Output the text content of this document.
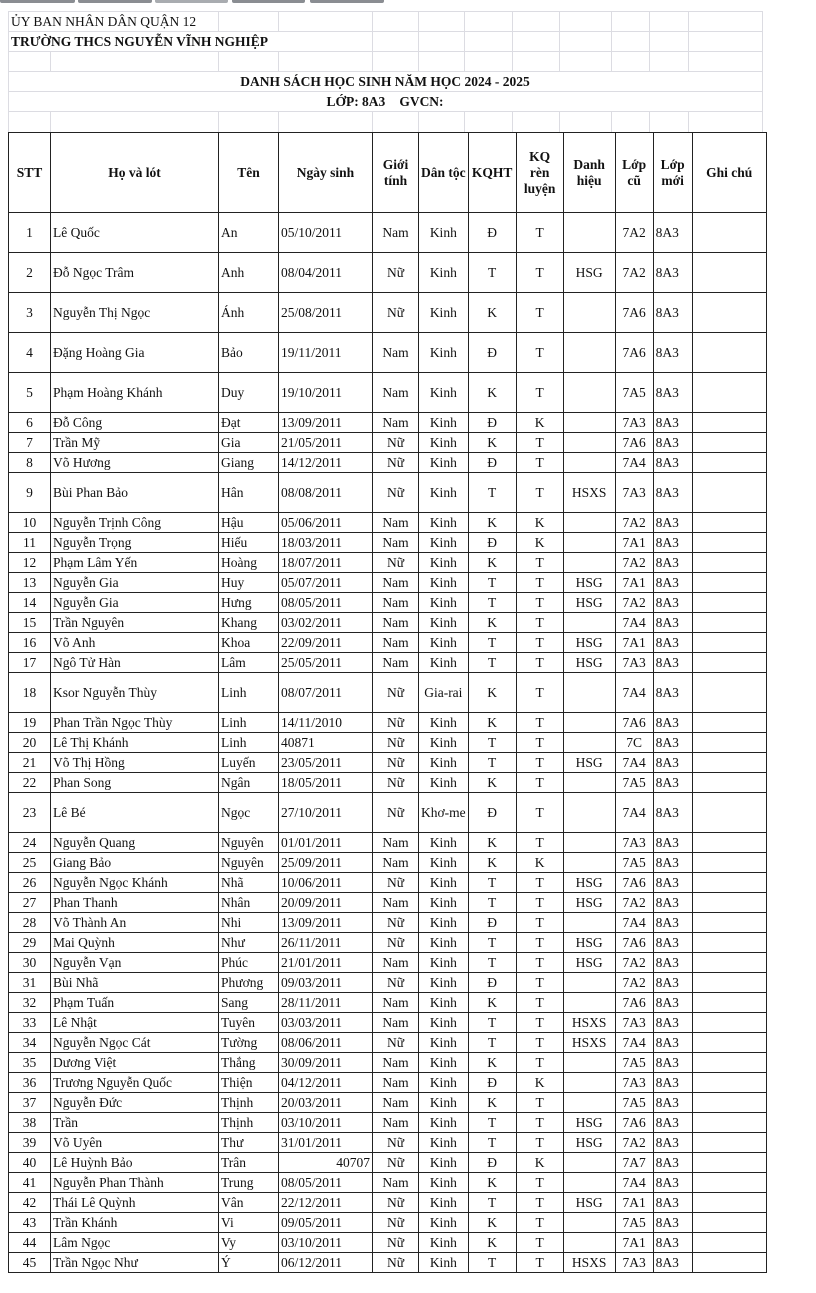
ỦY BAN NHÂN DÂN QUẬN 12
TRƯỜNG THCS NGUYỄN VĨNH NGHIỆP
DANH SÁCH HỌC SINH NĂM HỌC 2024 - 2025
LỚP: 8A3 GVCN:
STT	Họ và lót	Tên	Ngày sinh	Giới tính	Dân tộc	KQHT	KQ rèn luyện	Danh hiệu	Lớp cũ	Lớp mới	Ghi chú
1	Lê Quốc	An	05/10/2011	Nam	Kinh	Đ	T		7A2	8A3	
2	Đỗ Ngọc Trâm	Anh	08/04/2011	Nữ	Kinh	T	T	HSG	7A2	8A3	
3	Nguyễn Thị Ngọc	Ánh	25/08/2011	Nữ	Kinh	K	T		7A6	8A3	
4	Đặng Hoàng Gia	Bảo	19/11/2011	Nam	Kinh	Đ	T		7A6	8A3	
5	Phạm Hoàng Khánh	Duy	19/10/2011	Nam	Kinh	K	T		7A5	8A3	
6	Đỗ Công	Đạt	13/09/2011	Nam	Kinh	Đ	K		7A3	8A3	
7	Trần Mỹ	Gia	21/05/2011	Nữ	Kinh	K	T		7A6	8A3	
8	Võ Hương	Giang	14/12/2011	Nữ	Kinh	Đ	T		7A4	8A3	
9	Bùi Phan Bảo	Hân	08/08/2011	Nữ	Kinh	T	T	HSXS	7A3	8A3	
10	Nguyễn Trịnh Công	Hậu	05/06/2011	Nam	Kinh	K	K		7A2	8A3	
11	Nguyễn Trọng	Hiếu	18/03/2011	Nam	Kinh	Đ	K		7A1	8A3	
12	Phạm Lâm Yến	Hoàng	18/07/2011	Nữ	Kinh	K	T		7A2	8A3	
13	Nguyễn Gia	Huy	05/07/2011	Nam	Kinh	T	T	HSG	7A1	8A3	
14	Nguyễn Gia	Hưng	08/05/2011	Nam	Kinh	T	T	HSG	7A2	8A3	
15	Trần Nguyên	Khang	03/02/2011	Nam	Kinh	K	T		7A4	8A3	
16	Võ Anh	Khoa	22/09/2011	Nam	Kinh	T	T	HSG	7A1	8A3	
17	Ngô Tử Hàn	Lâm	25/05/2011	Nam	Kinh	T	T	HSG	7A3	8A3	
18	Ksor Nguyễn Thùy	Linh	08/07/2011	Nữ	Gia-rai	K	T		7A4	8A3	
19	Phan Trần Ngọc Thùy	Linh	14/11/2010	Nữ	Kinh	K	T		7A6	8A3	
20	Lê Thị Khánh	Linh	40871	Nữ	Kinh	T	T		7C	8A3	
21	Võ Thị Hồng	Luyến	23/05/2011	Nữ	Kinh	T	T	HSG	7A4	8A3	
22	Phan Song	Ngân	18/05/2011	Nữ	Kinh	K	T		7A5	8A3	
23	Lê Bé	Ngọc	27/10/2011	Nữ	Khơ-me	Đ	T		7A4	8A3	
24	Nguyễn Quang	Nguyên	01/01/2011	Nam	Kinh	K	T		7A3	8A3	
25	Giang Bảo	Nguyên	25/09/2011	Nam	Kinh	K	K		7A5	8A3	
26	Nguyễn Ngọc Khánh	Nhã	10/06/2011	Nữ	Kinh	T	T	HSG	7A6	8A3	
27	Phan Thanh	Nhân	20/09/2011	Nam	Kinh	T	T	HSG	7A2	8A3	
28	Võ Thành An	Nhi	13/09/2011	Nữ	Kinh	Đ	T		7A4	8A3	
29	Mai Quỳnh	Như	26/11/2011	Nữ	Kinh	T	T	HSG	7A6	8A3	
30	Nguyễn Vạn	Phúc	21/01/2011	Nam	Kinh	T	T	HSG	7A2	8A3	
31	Bùi Nhã	Phương	09/03/2011	Nữ	Kinh	Đ	T		7A2	8A3	
32	Phạm Tuấn	Sang	28/11/2011	Nam	Kinh	K	T		7A6	8A3	
33	Lê Nhật	Tuyên	03/03/2011	Nam	Kinh	T	T	HSXS	7A3	8A3	
34	Nguyễn Ngọc Cát	Tường	08/06/2011	Nữ	Kinh	T	T	HSXS	7A4	8A3	
35	Dương Việt	Thắng	30/09/2011	Nam	Kinh	K	T		7A5	8A3	
36	Trương Nguyễn Quốc	Thiện	04/12/2011	Nam	Kinh	Đ	K		7A3	8A3	
37	Nguyễn Đức	Thịnh	20/03/2011	Nam	Kinh	K	T		7A5	8A3	
38	Trần	Thịnh	03/10/2011	Nam	Kinh	T	T	HSG	7A6	8A3	
39	Võ Uyên	Thư	31/01/2011	Nữ	Kinh	T	T	HSG	7A2	8A3	
40	Lê Huỳnh Bảo	Trân	40707	Nữ	Kinh	Đ	K		7A7	8A3	
41	Nguyễn Phan Thành	Trung	08/05/2011	Nam	Kinh	K	T		7A4	8A3	
42	Thái Lê Quỳnh	Vân	22/12/2011	Nữ	Kinh	T	T	HSG	7A1	8A3	
43	Trần Khánh	Vi	09/05/2011	Nữ	Kinh	K	T		7A5	8A3	
44	Lâm Ngọc	Vy	03/10/2011	Nữ	Kinh	K	T		7A1	8A3	
45	Trần Ngọc Như	Ý	06/12/2011	Nữ	Kinh	T	T	HSXS	7A3	8A3	
